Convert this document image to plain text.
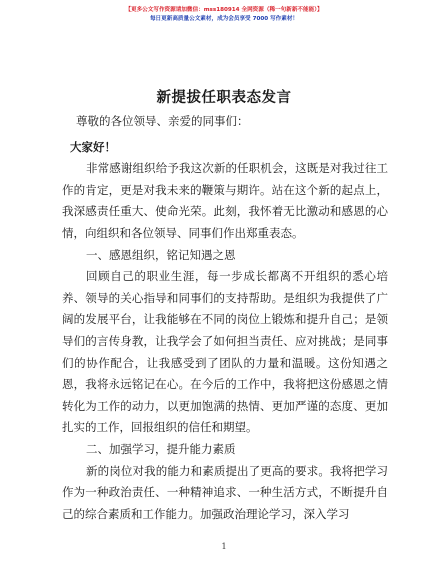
【更多公文写作资源请加微信：mss180914 全网资源（稀一句新新不能能）】
每日更新高质量公文素材，成为会员享受 7000 写作素材！
新提拔任职表态发言

尊敬的各位领导、亲爱的同事们：

大家好！

非常感谢组织给予我这次新的任职机会，这既是对我过往工作的肯定，更是对我未来的鞭策与期许。站在这个新的起点上，我深感责任重大、使命光荣。此刻，我怀着无比激动和感恩的心情，向组织和各位领导、同事们作出郑重表态。

一、感恩组织，铭记知遇之恩

回顾自己的职业生涯，每一步成长都离不开组织的悉心培养、领导的关心指导和同事们的支持帮助。是组织为我提供了广阔的发展平台，让我能够在不同的岗位上锻炼和提升自己；是领导们的言传身教，让我学会了如何担当责任、应对挑战；是同事们的协作配合，让我感受到了团队的力量和温暖。这份知遇之恩，我将永远铭记在心。在今后的工作中，我将把这份感恩之情转化为工作的动力，以更加饱满的热情、更加严谨的态度、更加扎实的工作，回报组织的信任和期望。

二、加强学习，提升能力素质

新的岗位对我的能力和素质提出了更高的要求。我将把学习作为一种政治责任、一种精神追求、一种生活方式，不断提升自己的综合素质和工作能力。加强政治理论学习，深入学习

1
